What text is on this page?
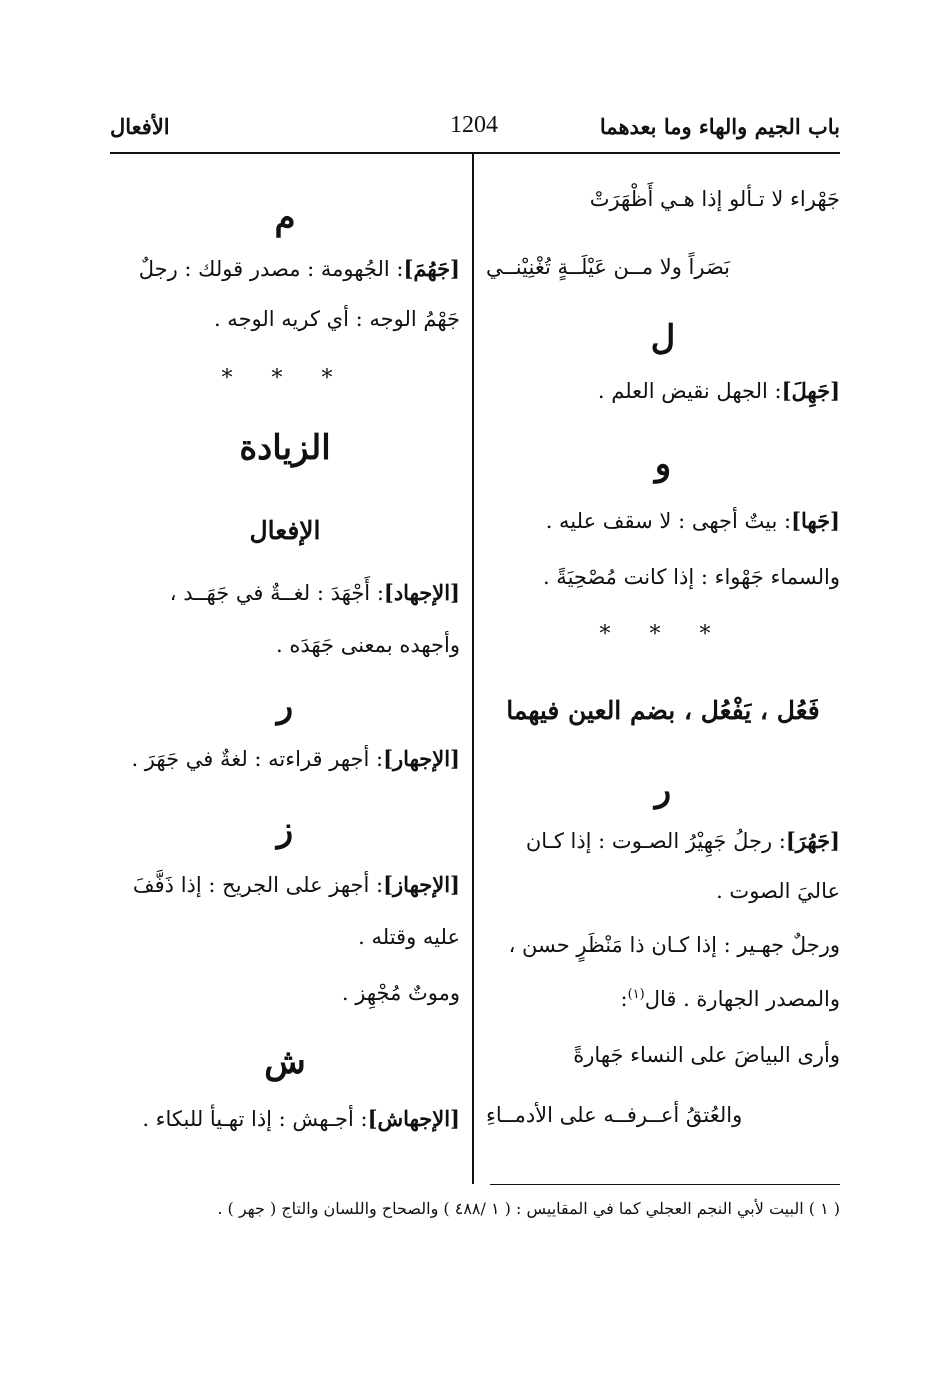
باب الجيم والهاء وما بعدهما
1204
الأفعال
جَهْراء لا تـألو إذا هـي أَظْهَرَتْ
بَصَراً ولا مــن عَيْلَــةٍ تُغْنِيْنــي
ل
[جَهِلَ]: الجهل نقيض العلم .
و
[جَها]: بيتٌ أجهى : لا سقف عليه .
والسماء جَهْواء : إذا كانت مُصْحِيَةً .
* * *
فَعُل ، يَفْعُل ، بضم العين فيهما
ر
[جَهُرَ]: رجلُ جَهِيْرُ الصـوت : إذا كـان
عاليَ الصوت .
ورجلٌ جهـير : إذا كـان ذا مَنْظَرٍ حسن ،
والمصدر الجهارة . قال$^{(١)}$:
وأرى البياضَ على النساء جَهارةً
والعُتقُ أعــرفــه على الأدمــاءِ
م
[جَهُمَ]: الجُهومة : مصدر قولك : رجلٌ
جَهْمُ الوجه : أي كريه الوجه .
* * *
الزيادة
الإفعال
[الإجهاد]: أَجْهَدَ : لغــةٌ في جَهَــد ،
وأجهده بمعنى جَهَدَه .
ر
[الإجهار]: أجهر قراءته : لغةٌ في جَهَرَ .
ز
[الإجهاز]: أجهز على الجريح : إذا ذَفَّفَ
عليه وقتله .
وموتٌ مُجْهِز .
ش
[الإجهاش]: أجـهش : إذا تهـيأ للبكاء .
( ١ ) البيت لأبي النجم العجلي كما في المقاييس : ( ١ /٤٨٨ ) والصحاح واللسان والتاج ( جهر ) .
